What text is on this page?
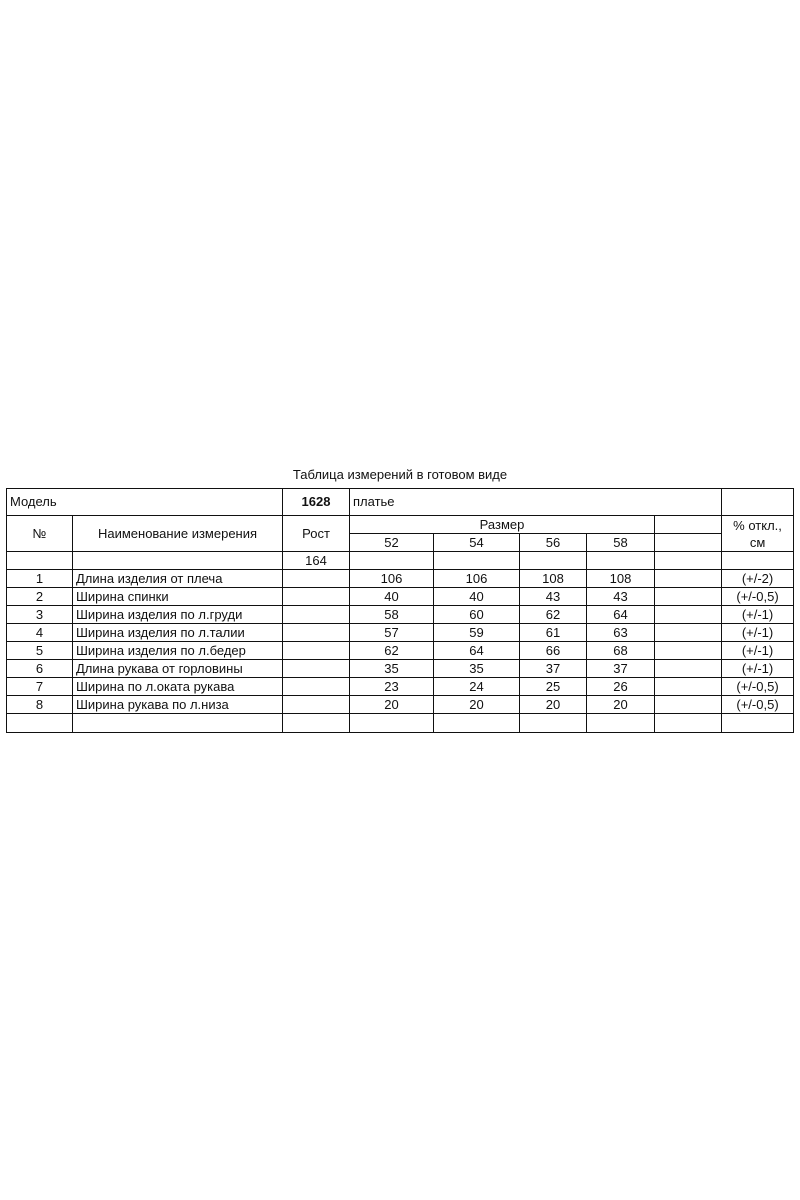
Таблица измерений в готовом виде
Модель		1628	платье					
№	Наименование измерения	Рост	Размер					% откл., см
			52	54	56	58		
		164						
1	Длина изделия от плеча		106	106	108	108		(+/-2)
2	Ширина спинки		40	40	43	43		(+/-0,5)
3	Ширина изделия по л.груди		58	60	62	64		(+/-1)
4	Ширина изделия по л.талии		57	59	61	63		(+/-1)
5	Ширина изделия по л.бедер		62	64	66	68		(+/-1)
6	Длина рукава от горловины		35	35	37	37		(+/-1)
7	Ширина по л.оката рукава		23	24	25	26		(+/-0,5)
8	Ширина рукава по л.низа		20	20	20	20		(+/-0,5)
